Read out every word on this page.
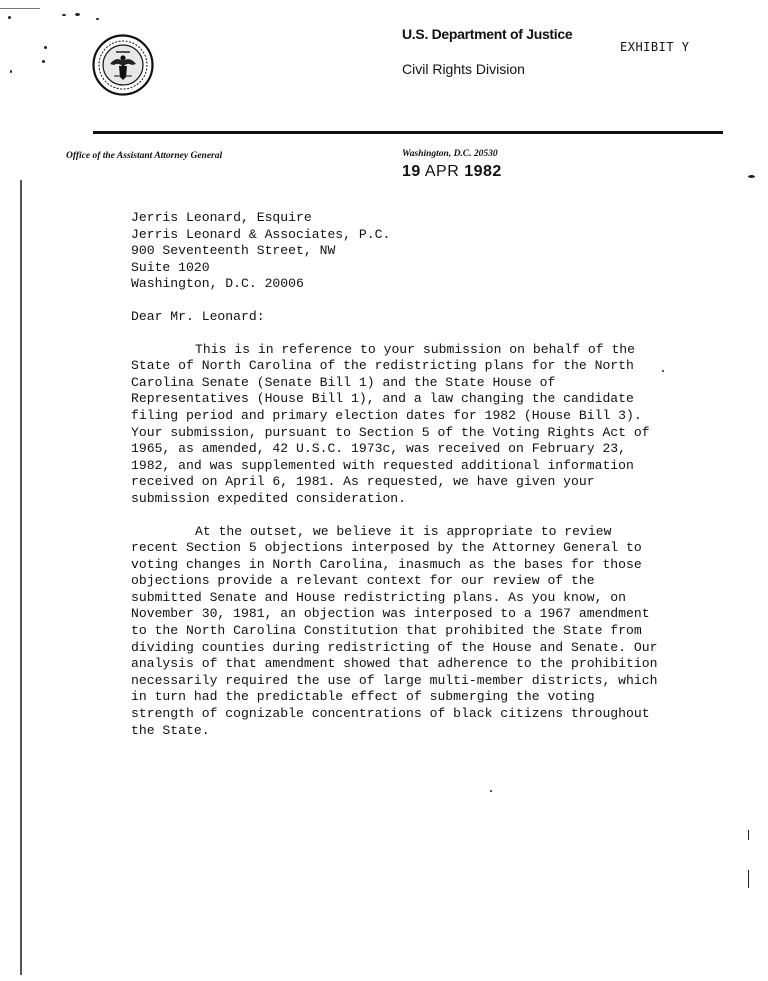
U.S. Department of Justice
Civil Rights Division
EXHIBIT Y
Office of the Assistant Attorney General	Washington, D.C. 20530
19 APR 1982
Jerris Leonard, Esquire
Jerris Leonard & Associates, P.C.
900 Seventeenth Street, NW
Suite 1020
Washington, D.C. 20006
Dear Mr. Leonard:
This is in reference to your submission on behalf of the State of North Carolina of the redistricting plans for the North Carolina Senate (Senate Bill 1) and the State House of Representatives (House Bill 1), and a law changing the candidate filing period and primary election dates for 1982 (House Bill 3). Your submission, pursuant to Section 5 of the Voting Rights Act of 1965, as amended, 42 U.S.C. 1973c, was received on February 23, 1982, and was supplemented with requested additional information received on April 6, 1981. As requested, we have given your submission expedited consideration.
At the outset, we believe it is appropriate to review recent Section 5 objections interposed by the Attorney General to voting changes in North Carolina, inasmuch as the bases for those objections provide a relevant context for our review of the submitted Senate and House redistricting plans. As you know, on November 30, 1981, an objection was interposed to a 1967 amendment to the North Carolina Constitution that prohibited the State from dividing counties during redistricting of the House and Senate. Our analysis of that amendment showed that adherence to the prohibition necessarily required the use of large multi-member districts, which in turn had the predictable effect of submerging the voting strength of cognizable concentrations of black citizens throughout the State.
